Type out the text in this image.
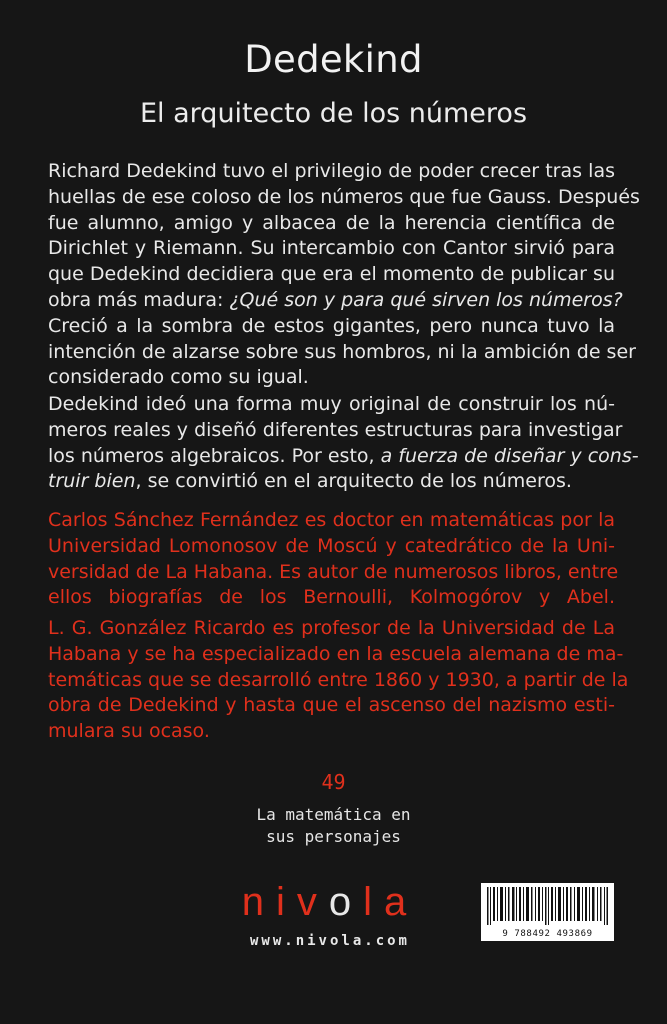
Dedekind
El arquitecto de los números
Richard Dedekind tuvo el privilegio de poder crecer tras las
huellas de ese coloso de los números que fue Gauss. Después
fue alumno, amigo y albacea de la herencia científica de
Dirichlet y Riemann. Su intercambio con Cantor sirvió para
que Dedekind decidiera que era el momento de publicar su
obra más madura: ¿Qué son y para qué sirven los números?
Creció a la sombra de estos gigantes, pero nunca tuvo la
intención de alzarse sobre sus hombros, ni la ambición de ser
considerado como su igual.
Dedekind ideó una forma muy original de construir los nú-
meros reales y diseñó diferentes estructuras para investigar
los números algebraicos. Por esto, a fuerza de diseñar y cons-
truir bien, se convirtió en el arquitecto de los números.
Carlos Sánchez Fernández es doctor en matemáticas por la
Universidad Lomonosov de Moscú y catedrático de la Uni-
versidad de La Habana. Es autor de numerosos libros, entre
ellos biografías de los Bernoulli, Kolmogórov y Abel.
L. G. González Ricardo es profesor de la Universidad de La
Habana y se ha especializado en la escuela alemana de ma-
temáticas que se desarrolló entre 1860 y 1930, a partir de la
obra de Dedekind y hasta que el ascenso del nazismo esti-
mulara su ocaso.
49
La matemática en
sus personajes
nivola
www.nivola.com	9 788492 493869
